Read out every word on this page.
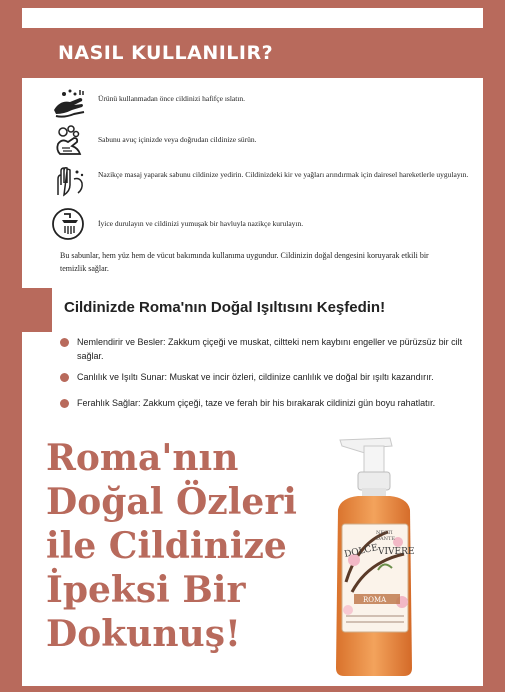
NASIL KULLANILIR?
Ürünü kullanmadan önce cildinizi hafifçe ıslatın.
Sabunu avuç içinizde veya doğrudan cildinize sürün.
Nazikçe masaj yaparak sabunu cildinize yedirin. Cildinizdeki kir ve yağları arındırmak için dairesel hareketlerle uygulayın.
İyice durulayın ve cildinizi yumuşak bir havluyla nazikçe kurulayın.
Bu sabunlar, hem yüz hem de vücut bakımında kullanıma uygundur. Cildinizin doğal dengesini koruyarak etkili bir temizlik sağlar.
Cildinizde Roma'nın Doğal Işıltısını Keşfedin!
Nemlendirir ve Besler: Zakkum çiçeği ve muskat, ciltteki nem kaybını engeller ve pürüzsüz bir cilt sağlar.
Canlılık ve Işıltı Sunar: Muskat ve incir özleri, cildinize canlılık ve doğal bir ışıltı kazandırır.
Ferahlık Sağlar: Zakkum çiçeği, taze ve ferah bir his bırakarak cildinizi gün boyu rahatlatır.
Roma'nın
Doğal Özleri
ile Cildinize
İpeksi Bir
Dokunuş!
NESTI
DANTE
DOLCE VIVERE
ROMA
